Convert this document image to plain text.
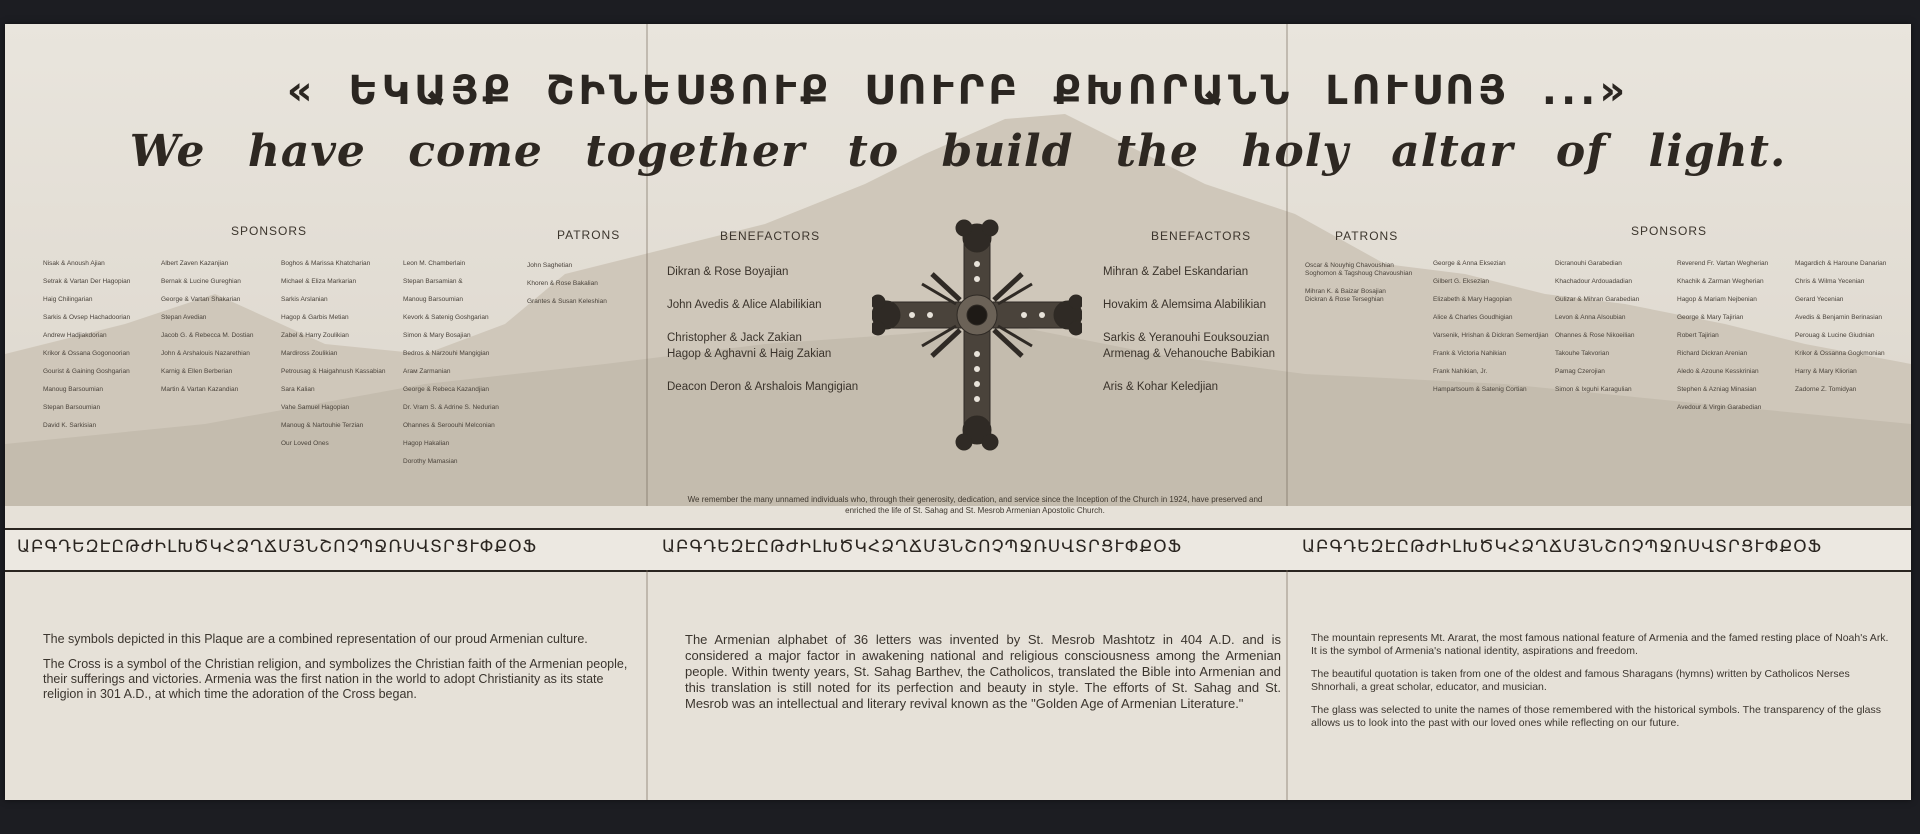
« ԵԿԱՅՔ ՇԻՆԵՍՑՈՒՔ ՍՈՒՐԲ ՔԽՈՐԱՆՆ ԼՈՒՍՈՅ ...»
We have come together to build the holy altar of light.
SPONSORS	PATRONS	BENEFACTORS	BENEFACTORS	PATRONS	SPONSORS
Nisak & Anoush Ajian
Setrak & Vartan Der Hagopian
Haig Chilingarian
Sarkis & Ovsep Hachadoorian
Andrew Hadjiakdorian
Krikor & Ossana Gogonoorian
Gourist & Gaining Goshgarian
Manoug Barsoumian
Stepan Barsoumian
David K. Sarkisian
Albert Zaven Kazanjian
Bernak & Lucine Gureghian
George & Vartan Shakarian
Stepan Avedian
Jacob G. & Rebecca M. Dostian
John & Arshalouis Nazarethian
Karnig & Ellen Berberian
Martin & Vartan Kazandian
Boghos & Marissa Khatcharian
Michael & Eliza Markarian
Sarkis Arslanian
Hagop & Garbis Metian
Zabel & Harry Zoulikian
Mardiross Zoulikian
Petrousag & Haigahnush Kassabian
Sara Kalian
Vahe Samuel Hagopian
Manoug & Nartouhie Terzian
Our Loved Ones
Leon M. Chamberlain
Stepan Barsamian &
Manoug Barsoumian
Kevork & Satenig Goshgarian
Simon & Mary Bosajian
Bedros & Narzouhi Mangigian
Arам Zarmanian
George & Rebeca Kazandjian
Dr. Vram S. & Adrine S. Nedurian
Ohannes & Seroouhi Melconian
Hagop Hakalian
Dorothy Mamasian
John Saghetian
Khoren & Rose Bakalian
Grantes & Susan Keleshian
Dikran & Rose Boyajian
John Avedis & Alice Alabilikian
Christopher & Jack Zakian
Hagop & Aghavni & Haig Zakian
Deacon Deron & Arshalois Mangigian
Mihran & Zabel Eskandarian
Hovakim & Alemsima Alabilikian
Sarkis & Yeranouhi Eouksouzian
Armenag & Vehanouche Babikian
Aris & Kohar Keledjian
Oscar & Nouyhig Chavoushian
Soghomon & Tagshoug Chavoushian
Mihran K. & Baizar Bosajian
Dickran & Rose Terseghian
George & Anna Eksezian
Gilbert G. Eksezian
Elizabeth & Mary Hagopian
Alice & Charles Goudhigian
Varsenik, Hrishan & Dickran Semerdjian
Frank & Victoria Nahikian
Frank Nahikian, Jr.
Hampartsoum & Satenig Cortian
Dicranouhi Garabedian
Khachadour Ardouadadian
Gulizar & Mihran Garabedian
Levon & Anna Alsoubian
Ohannes & Rose Nikoeilian
Takouhe Takvorian
Pamag Czerojian
Simon & Ixguhi Karagulian
Reverend Fr. Vartan Wegherian
Khachik & Zarman Wegherian
Hagop & Mariam Nejbenian
George & Mary Tajirian
Robert Tajirian
Richard Dickran Arenian
Aledo & Azoune Kesskrinian
Stephen & Azniag Minasian
Avedour & Virgin Garabedian
Magardich & Haroune Danarian
Chris & Wilma Yecenian
Gerard Yecenian
Avedis & Benjamin Berinasian
Perouag & Lucine Giudnian
Krikor & Ossanna Gogkmonian
Harry & Mary Kliorian
Zadorne Z. Tomidyan
We remember the many unnamed individuals who, through their generosity, dedication, and service since the Inception of the Church in 1924, have preserved and enriched the life of St. Sahag and St. Mesrob Armenian Apostolic Church.
ԱԲԳԴԵԶԷԸԹԺԻԼԽԾԿՀՁՂՃՄՅՆՇՈՉՊՋՌՍՎՏՐՑՒՓՔՕՖ	ԱԲԳԴԵԶԷԸԹԺԻԼԽԾԿՀՁՂՃՄՅՆՇՈՉՊՋՌՍՎՏՐՑՒՓՔՕՖ	ԱԲԳԴԵԶԷԸԹԺԻԼԽԾԿՀՁՂՃՄՅՆՇՈՉՊՋՌՍՎՏՐՑՒՓՔՕՖ

The symbols depicted in this Plaque are a combined representation of our proud Armenian culture.

The Cross is a symbol of the Christian religion, and symbolizes the Christian faith of the Armenian people, their sufferings and victories. Armenia was the first nation in the world to adopt Christianity as its state religion in 301 A.D., at which time the adoration of the Cross began.

The Armenian alphabet of 36 letters was invented by St. Mesrob Mashtotz in 404 A.D. and is considered a major factor in awakening national and religious consciousness among the Armenian people. Within twenty years, St. Sahag Barthev, the Catholicos, translated the Bible into Armenian and this translation is still noted for its perfection and beauty in style. The efforts of St. Sahag and St. Mesrob was an intellectual and literary revival known as the "Golden Age of Armenian Literature."

The mountain represents Mt. Ararat, the most famous national feature of Armenia and the famed resting place of Noah's Ark. It is the symbol of Armenia's national identity, aspirations and freedom.

The beautiful quotation is taken from one of the oldest and famous Sharagans (hymns) written by Catholicos Nerses Shnorhali, a great scholar, educator, and musician.

The glass was selected to unite the names of those remembered with the historical symbols. The transparency of the glass allows us to look into the past with our loved ones while reflecting on our future.
